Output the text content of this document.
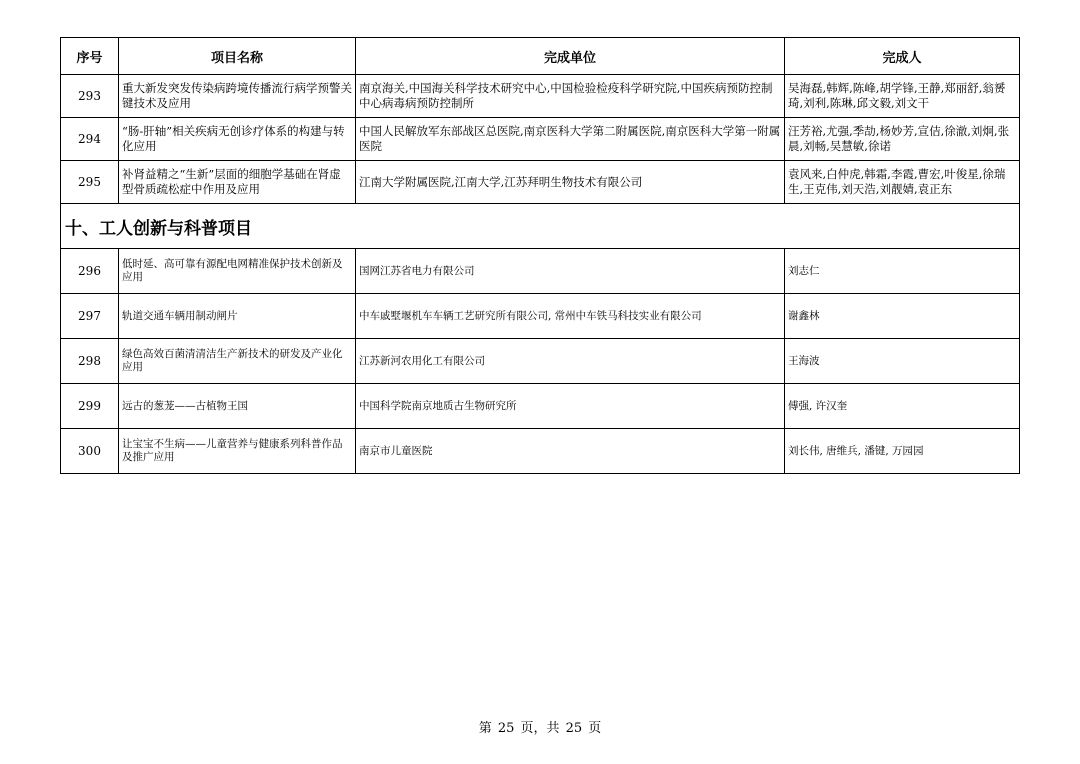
序号	项目名称	完成单位	完成人
293	重大新发突发传染病跨境传播流行病学预警关键技术及应用	南京海关,中国海关科学技术研究中心,中国检验检疫科学研究院,中国疾病预防控制中心病毒病预防控制所	吴海磊,韩辉,陈峰,胡学锋,王静,郑丽舒,翁赟琦,刘利,陈琳,邱文毅,刘文干

294	“肠-肝轴”相关疾病无创诊疗体系的构建与转化应用	中国人民解放军东部战区总医院,南京医科大学第二附属医院,南京医科大学第一附属医院	汪芳裕,尤强,季劼,杨妙芳,宣佶,徐澈,刘炯,张晨,刘畅,吴慧敏,徐诺

295	补肾益精之“生新”层面的细胞学基础在肾虚型骨质疏松症中作用及应用	江南大学附属医院,江南大学,江苏拜明生物技术有限公司	袁风来,白仲虎,韩霜,李霞,曹宏,叶俊星,徐瑞生,王克伟,刘天浩,刘靓婧,袁正东

十、工人创新与科普项目			
296	低时延、高可靠有源配电网精准保护技术创新及应用	国网江苏省电力有限公司	刘志仁

297	轨道交通车辆用制动闸片	中车戚墅堰机车车辆工艺研究所有限公司, 常州中车铁马科技实业有限公司	谢鑫林

298	绿色高效百菌清清洁生产新技术的研发及产业化应用	江苏新河农用化工有限公司	王海波

299	远古的葱茏——古植物王国	中国科学院南京地质古生物研究所	傅强, 许汉奎

300	让宝宝不生病——儿童营养与健康系列科普作品及推广应用	南京市儿童医院	刘长伟, 唐维兵, 潘键, 万园园
第 25 页，共 25 页
